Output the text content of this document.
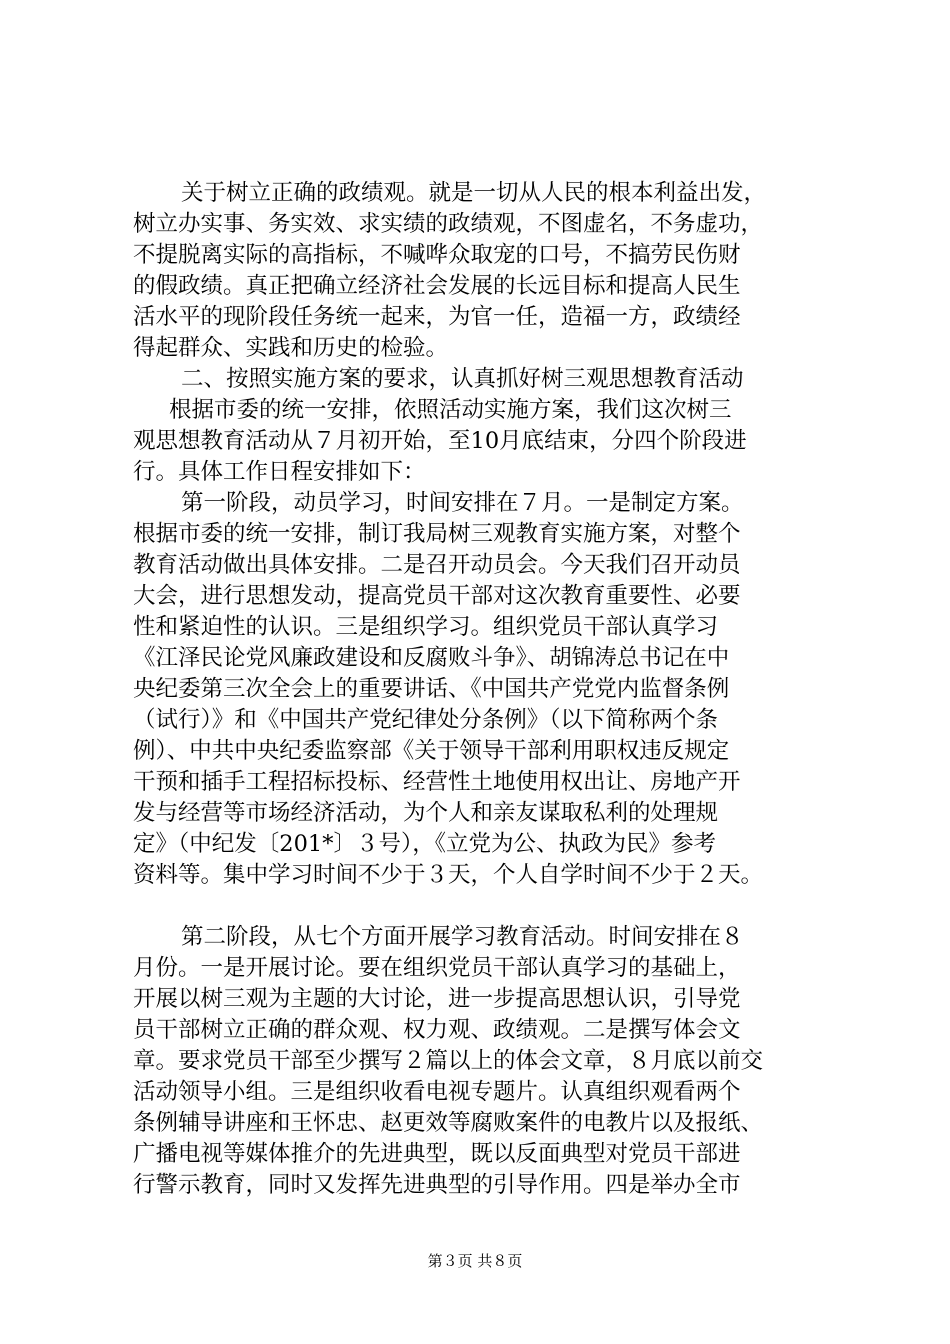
关于树立正确的政绩观。就是一切从人民的根本利益出发，
树立办实事、务实效、求实绩的政绩观，不图虚名，不务虚功，
不提脱离实际的高指标，不喊哗众取宠的口号，不搞劳民伤财
的假政绩。真正把确立经济社会发展的长远目标和提高人民生
活水平的现阶段任务统一起来，为官一任，造福一方，政绩经
得起群众、实践和历史的检验。
二、按照实施方案的要求，认真抓好树三观思想教育活动
根据市委的统一安排，依照活动实施方案，我们这次树三
观思想教育活动从７月初开始，至10月底结束，分四个阶段进
行。具体工作日程安排如下：
第一阶段，动员学习，时间安排在７月。一是制定方案。
根据市委的统一安排，制订我局树三观教育实施方案，对整个
教育活动做出具体安排。二是召开动员会。今天我们召开动员
大会，进行思想发动，提高党员干部对这次教育重要性、必要
性和紧迫性的认识。三是组织学习。组织党员干部认真学习
《江泽民论党风廉政建设和反腐败斗争》、胡锦涛总书记在中
央纪委第三次全会上的重要讲话、《中国共产党党内监督条例
（试行）》和《中国共产党纪律处分条例》（以下简称两个条
例）、中共中央纪委监察部《关于领导干部利用职权违反规定
干预和插手工程招标投标、经营性土地使用权出让、房地产开
发与经营等市场经济活动，为个人和亲友谋取私利的处理规
定》（中纪发〔201*〕３号），《立党为公、执政为民》参考
资料等。集中学习时间不少于３天，个人自学时间不少于２天。
第二阶段，从七个方面开展学习教育活动。时间安排在８
月份。一是开展讨论。要在组织党员干部认真学习的基础上，
开展以树三观为主题的大讨论，进一步提高思想认识，引导党
员干部树立正确的群众观、权力观、政绩观。二是撰写体会文
章。要求党员干部至少撰写２篇以上的体会文章，８月底以前交
活动领导小组。三是组织收看电视专题片。认真组织观看两个
条例辅导讲座和王怀忠、赵更效等腐败案件的电教片以及报纸、
广播电视等媒体推介的先进典型，既以反面典型对党员干部进
行警示教育，同时又发挥先进典型的引导作用。四是举办全市
第３页 共８页
